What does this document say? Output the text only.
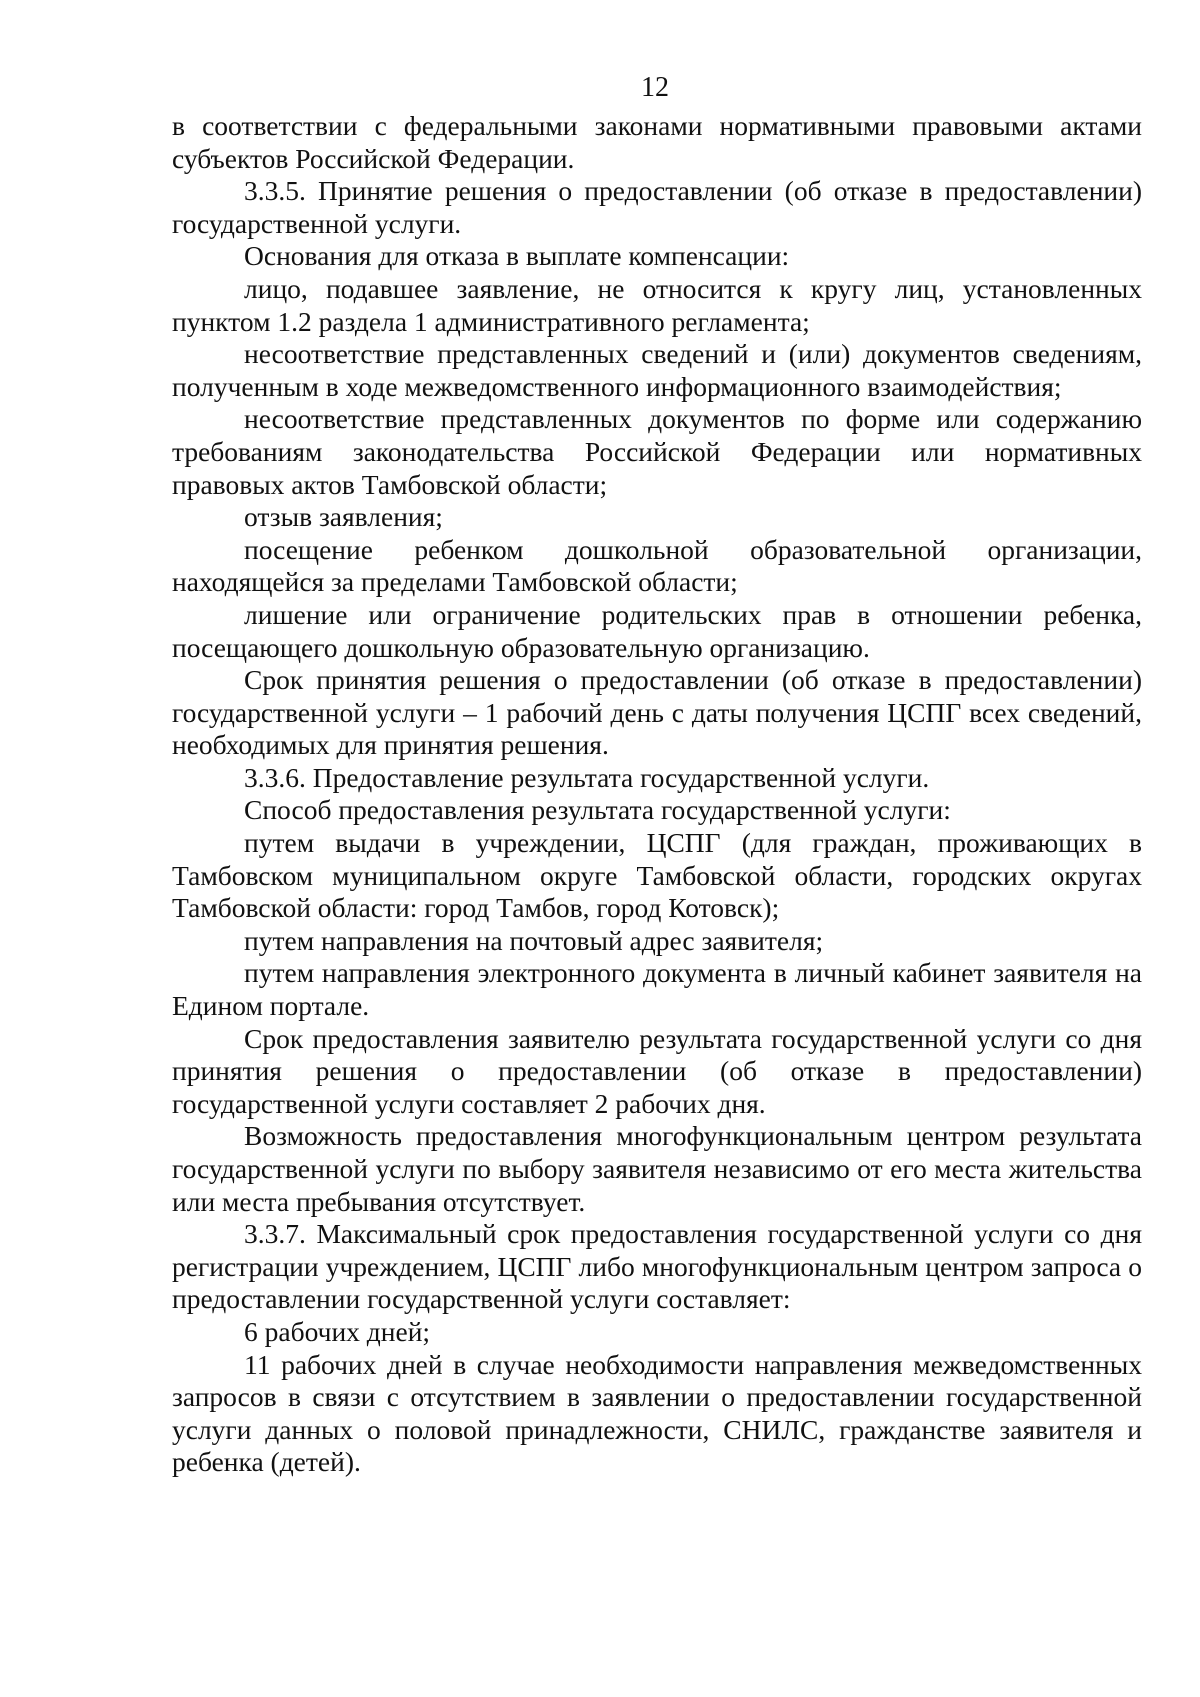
12

в соответствии с федеральными законами нормативными правовыми актами субъектов Российской Федерации.

3.3.5. Принятие решения о предоставлении (об отказе в предоставлении) государственной услуги.

Основания для отказа в выплате компенсации:

лицо, подавшее заявление, не относится к кругу лиц, установленных пунктом 1.2 раздела 1 административного регламента;

несоответствие представленных сведений и (или) документов сведениям, полученным в ходе межведомственного информационного взаимодействия;

несоответствие представленных документов по форме или содержанию требованиям законодательства Российской Федерации или нормативных правовых актов Тамбовской области;

отзыв заявления;

посещение ребенком дошкольной образовательной организации, находящейся за пределами Тамбовской области;

лишение или ограничение родительских прав в отношении ребенка, посещающего дошкольную образовательную организацию.

Срок принятия решения о предоставлении (об отказе в предоставлении) государственной услуги – 1 рабочий день с даты получения ЦСПГ всех сведений, необходимых для принятия решения.

3.3.6. Предоставление результата государственной услуги.

Способ предоставления результата государственной услуги:

путем выдачи в учреждении, ЦСПГ (для граждан, проживающих в Тамбовском муниципальном округе Тамбовской области, городских округах Тамбовской области: город Тамбов, город Котовск);

путем направления на почтовый адрес заявителя;

путем направления электронного документа в личный кабинет заявителя на Едином портале.

Срок предоставления заявителю результата государственной услуги со дня принятия решения о предоставлении (об отказе в предоставлении) государственной услуги составляет 2 рабочих дня.

Возможность предоставления многофункциональным центром результата государственной услуги по выбору заявителя независимо от его места жительства или места пребывания отсутствует.

3.3.7. Максимальный срок предоставления государственной услуги со дня регистрации учреждением, ЦСПГ либо многофункциональным центром запроса о предоставлении государственной услуги составляет:

6 рабочих дней;

11 рабочих дней в случае необходимости направления межведомственных запросов в связи с отсутствием в заявлении о предоставлении государственной услуги данных о половой принадлежности, СНИЛС, гражданстве заявителя и ребенка (детей).
